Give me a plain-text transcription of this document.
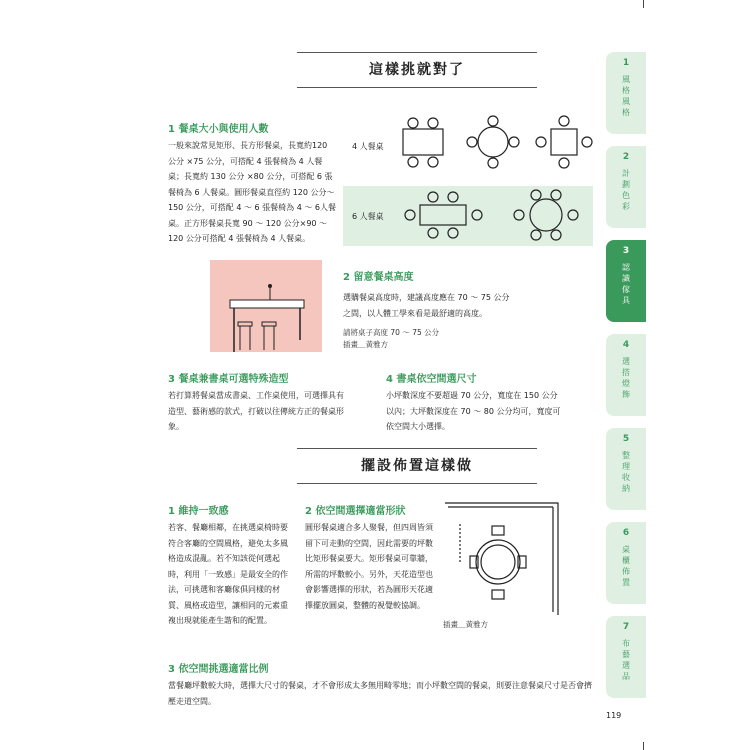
這樣挑就對了
1 餐桌大小與使用人數
一般來說常見矩形、長方形餐桌，長寬約120 公分 ×75 公分，可搭配 4 張餐椅為 4 人餐桌；長寬約 130 公分 ×80 公分，可搭配 6 張餐椅為 6 人餐桌。圓形餐桌直徑約 120 公分～150 公分，可搭配 4 ～ 6 張餐椅為 4 ～ 6人餐桌。正方形餐桌長寬 90 ～ 120 公分×90 ～ 120 公分可搭配 4 張餐椅為 4 人餐桌。
4 人餐桌
6 人餐桌
2 留意餐桌高度
選購餐桌高度時，建議高度應在 70 ～ 75 公分之間，以人體工學來看是最舒適的高度。
請將桌子高度 70 ～ 75 公分
插畫＿黃雅方
3 餐桌兼書桌可選特殊造型
若打算將餐桌當成書桌、工作桌使用，可選擇具有造型、藝術感的款式，打破以往傳統方正的餐桌形象。
4 書桌依空間選尺寸
小坪數深度不要超過 70 公分，寬度在 150 公分以內；大坪數深度在 70 ～ 80 公分均可，寬度可依空間大小選擇。
擺設佈置這樣做
1 維持一致感
若客、餐廳相鄰，在挑選桌椅時要符合客廳的空間風格，避免太多風格造成混亂。若不知該從何選起時，利用「一致感」是最安全的作法，可挑選和客廳傢俱同樣的材質、風格或造型，讓相同的元素重複出現就能產生諧和的配置。
2 依空間選擇適當形狀
圓形餐桌適合多人聚餐，但四周皆須留下可走動的空間，因此需要的坪數比矩形餐桌要大。矩形餐桌可靠牆，所需的坪數較小。另外，天花造型也會影響選擇的形狀，若為圓形天花適擇擺放圓桌，整體的視覺較協調。
插畫＿黃雅方
3 依空間挑選適當比例
當餐廳坪數較大時，選擇大尺寸的餐桌，才不會形成太多無用畸零地；而小坪數空間的餐桌，則要注意餐桌尺寸是否會擠壓走道空間。
1
風格風格
2
計劃色彩
3
認識傢具
4
選搭燈飾
5
整理收納
6
桌櫃佈置
7
布藝選品
119
